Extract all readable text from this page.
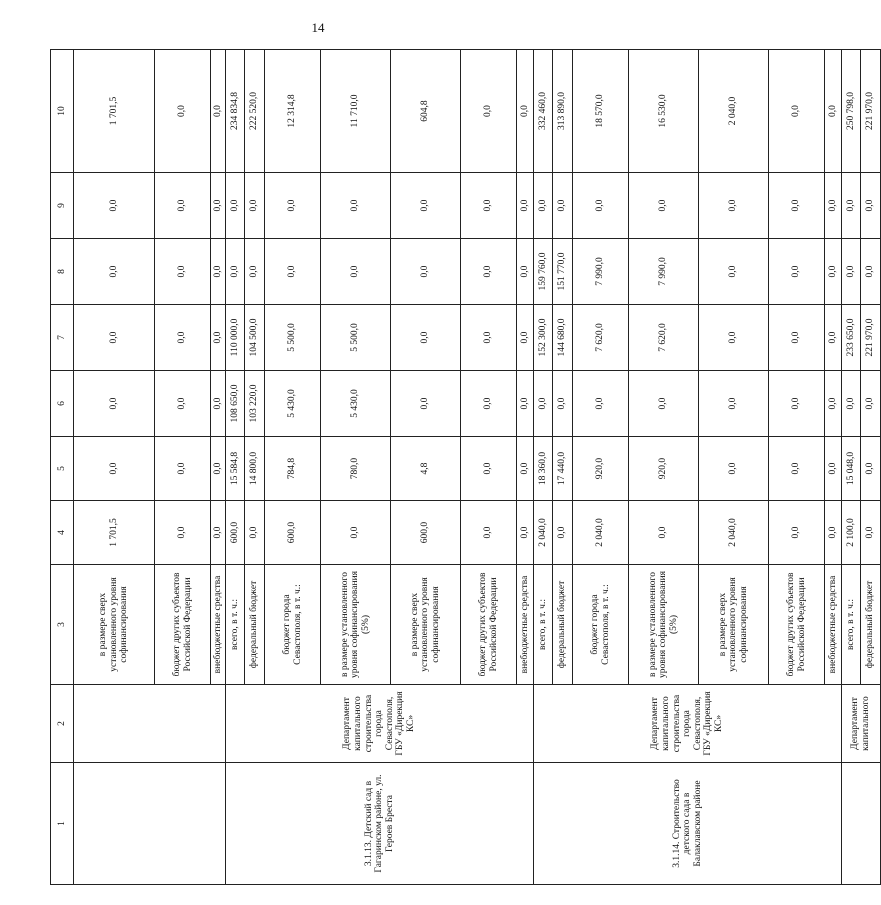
14
1	2	3	4	5	6	7	8	9	10
		в размере сверх установленного уровня софинансирования	1 701,5	0,0	0,0	0,0	0,0	0,0	1 701,5
		бюджет других субъектов Российской Федерации	0,0	0,0	0,0	0,0	0,0	0,0	0,0
		внебюджетные средства	0,0	0,0	0,0	0,0	0,0	0,0	0,0
3.1.13. Детский сад в Гагаринском районе, ул. Героев Бреста	Департамент капитального строительства города Севастополя, ГБУ «Дирекция КС»	всего, в т. ч.:	600,0	15 584,8	108 650,0	110 000,0	0,0	0,0	234 834,8
		федеральный бюджет	0,0	14 800,0	103 220,0	104 500,0	0,0	0,0	222 520,0
		бюджет города Севастополя, в т. ч.:	600,0	784,8	5 430,0	5 500,0	0,0	0,0	12 314,8
		в размере установленного уровня софинансирования (5%)	0,0	780,0	5 430,0	5 500,0	0,0	0,0	11 710,0
		в размере сверх установленного уровня софинансирования	600,0	4,8	0,0	0,0	0,0	0,0	604,8
		бюджет других субъектов Российской Федерации	0,0	0,0	0,0	0,0	0,0	0,0	0,0
		внебюджетные средства	0,0	0,0	0,0	0,0	0,0	0,0	0,0
3.1.14. Строительство детского сада в Балаклавском районе	Департамент капитального строительства города Севастополя, ГБУ «Дирекция КС»	всего, в т. ч.:	2 040,0	18 360,0	0,0	152 300,0	159 760,0	0,0	332 460,0
		федеральный бюджет	0,0	17 440,0	0,0	144 680,0	151 770,0	0,0	313 890,0
		бюджет города Севастополя, в т. ч.:	2 040,0	920,0	0,0	7 620,0	7 990,0	0,0	18 570,0
		в размере установленного уровня софинансирования (5%)	0,0	920,0	0,0	7 620,0	7 990,0	0,0	16 530,0
		в размере сверх установленного уровня софинансирования	2 040,0	0,0	0,0	0,0	0,0	0,0	2 040,0
		бюджет других субъектов Российской Федерации	0,0	0,0	0,0	0,0	0,0	0,0	0,0
		внебюджетные средства	0,0	0,0	0,0	0,0	0,0	0,0	0,0
	Департамент капитального	всего, в т. ч.:	2 100,0	15 048,0	0,0	233 650,0	0,0	0,0	250 798,0
		федеральный бюджет	0,0	0,0	0,0	221 970,0	0,0	0,0	221 970,0
